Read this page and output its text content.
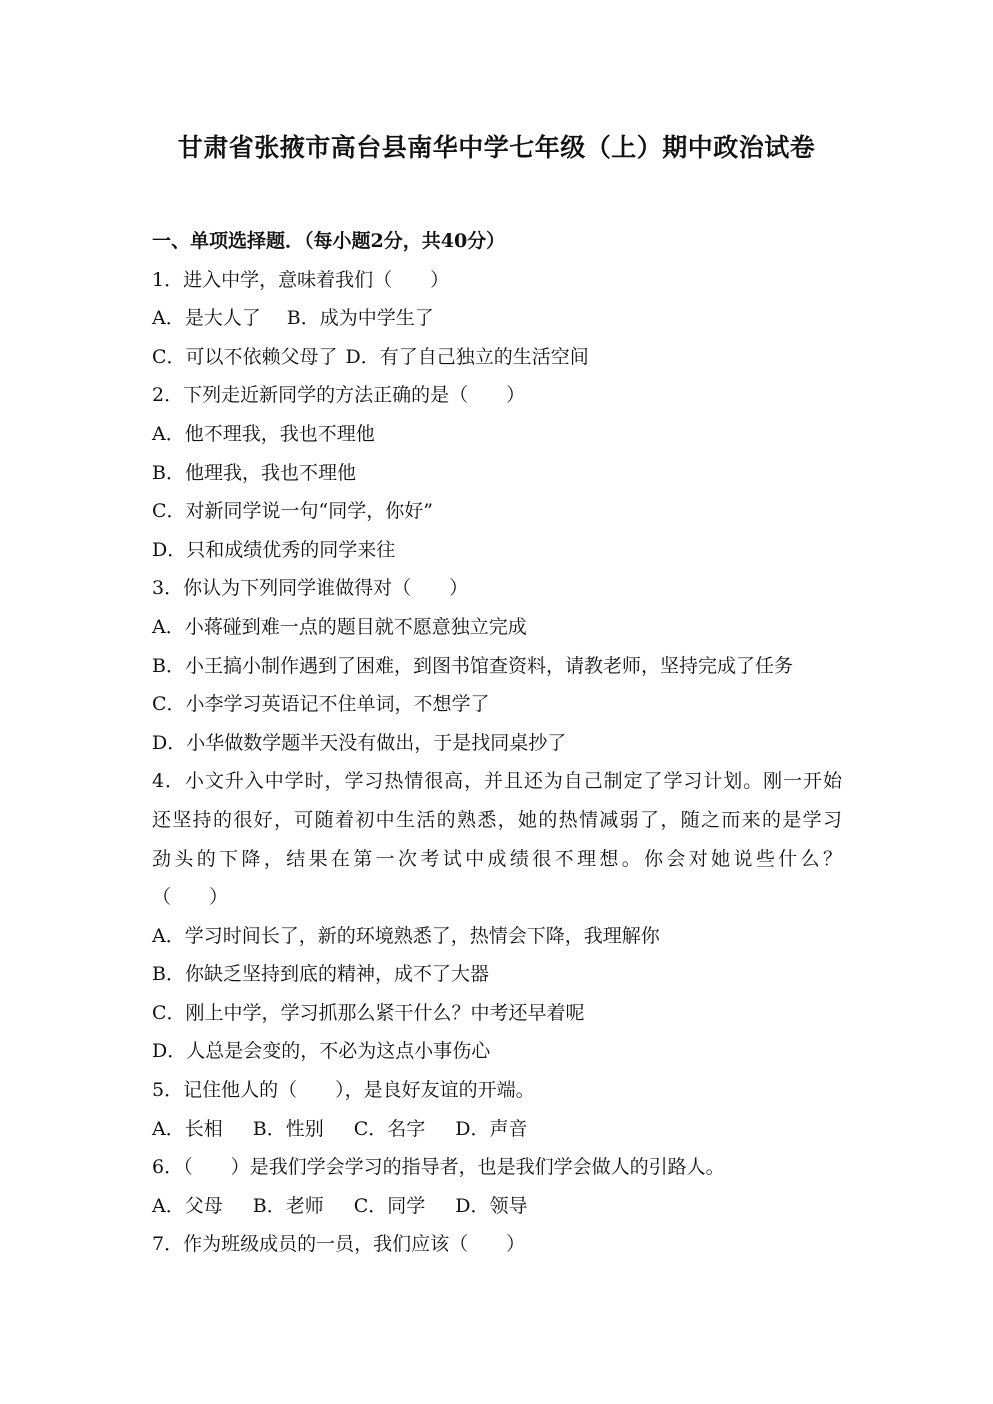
甘肃省张掖市高台县南华中学七年级（上）期中政治试卷
一、单项选择题．（每小题2分，共40分）
1．进入中学，意味着我们（　　）
A．是大人了 B．成为中学生了
C．可以不依赖父母了 D．有了自己独立的生活空间
2．下列走近新同学的方法正确的是（　　）
A．他不理我，我也不理他
B．他理我，我也不理他
C．对新同学说一句“同学，你好”
D．只和成绩优秀的同学来往
3．你认为下列同学谁做得对（　　）
A．小蒋碰到难一点的题目就不愿意独立完成
B．小王搞小制作遇到了困难，到图书馆查资料，请教老师，坚持完成了任务
C．小李学习英语记不住单词，不想学了
D．小华做数学题半天没有做出，于是找同桌抄了
4．小文升入中学时，学习热情很高，并且还为自己制定了学习计划。刚一开始
还坚持的很好，可随着初中生活的熟悉，她的热情减弱了，随之而来的是学习
劲头的下降，结果在第一次考试中成绩很不理想。你会对她说些什么？
（　　）
A．学习时间长了，新的环境熟悉了，热情会下降，我理解你
B．你缺乏坚持到底的精神，成不了大器
C．刚上中学，学习抓那么紧干什么？中考还早着呢
D．人总是会变的，不必为这点小事伤心
5．记住他人的（　　），是良好友谊的开端。
A．长相 B．性别 C．名字 D．声音
6．（　　）是我们学会学习的指导者，也是我们学会做人的引路人。
A．父母 B．老师 C．同学 D．领导
7．作为班级成员的一员，我们应该（　　）
